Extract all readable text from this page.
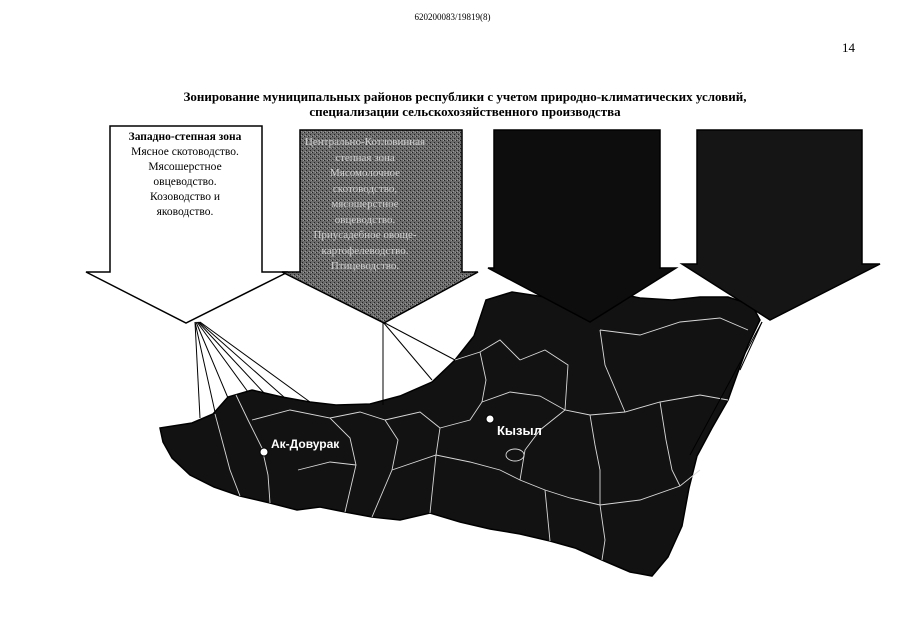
620200083/19819(8)
14
Зонирование муниципальных районов республики с учетом природно-климатических условий,
специализации сельскохозяйственного производства
Западно-степная зона
Мясное скотоводство.
Мясошерстное
овцеводство.
Козоводство и
яководство.
Центрально-Котловинная
степная зона
Мясомолочное
скотоводство,
мясошерстное
овцеводство.
Приусадебное овоще-
картофелеводство.
Птицеводство.
Ак-Довурак
Кызыл
